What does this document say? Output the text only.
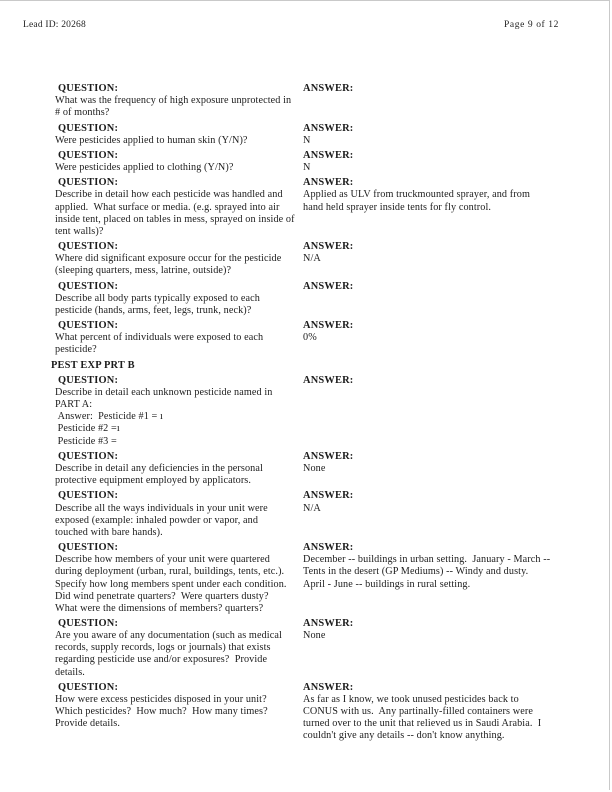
Lead ID: 20268	Page 9 of 12
QUESTION:
What was the frequency of high exposure unprotected in
# of months?
ANSWER:
QUESTION:
Were pesticides applied to human skin (Y/N)?
ANSWER:
N
QUESTION:
Were pesticides applied to clothing (Y/N)?
ANSWER:
N
QUESTION:
Describe in detail how each pesticide was handled and
applied.  What surface or media. (e.g. sprayed into air
inside tent, placed on tables in mess, sprayed on inside of
tent walls)?
ANSWER:
Applied as ULV from truckmounted sprayer, and from
hand held sprayer inside tents for fly control.
QUESTION:
Where did significant exposure occur for the pesticide
(sleeping quarters, mess, latrine, outside)?
ANSWER:
N/A
QUESTION:
Describe all body parts typically exposed to each
pesticide (hands, arms, feet, legs, trunk, neck)?
ANSWER:
QUESTION:
What percent of individuals were exposed to each
pesticide?
ANSWER:
0%
PEST EXP PRT B
QUESTION:
Describe in detail each unknown pesticide named in
PART A:
Answer:  Pesticide #1 = ı
Pesticide #2 =ı
Pesticide #3 =
ANSWER:
QUESTION:
Describe in detail any deficiencies in the personal
protective equipment employed by applicators.
ANSWER:
None
QUESTION:
Describe all the ways individuals in your unit were
exposed (example: inhaled powder or vapor, and
touched with bare hands).
ANSWER:
N/A
QUESTION:
Describe how members of your unit were quartered
during deployment (urban, rural, buildings, tents, etc.).
Specify how long members spent under each condition.
Did wind penetrate quarters?  Were quarters dusty?
What were the dimensions of members? quarters?
ANSWER:
December -- buildings in urban setting.  January - March --
Tents in the desert (GP Mediums) -- Windy and dusty.
April - June -- buildings in rural setting.
QUESTION:
Are you aware of any documentation (such as medical
records, supply records, logs or journals) that exists
regarding pesticide use and/or exposures?  Provide
details.
ANSWER:
None
QUESTION:
How were excess pesticides disposed in your unit?
Which pesticides?  How much?  How many times?
Provide details.
ANSWER:
As far as I know, we took unused pesticides back to
CONUS with us.  Any partinally-filled containers were
turned over to the unit that relieved us in Saudi Arabia.  I
couldn't give any details -- don't know anything.
